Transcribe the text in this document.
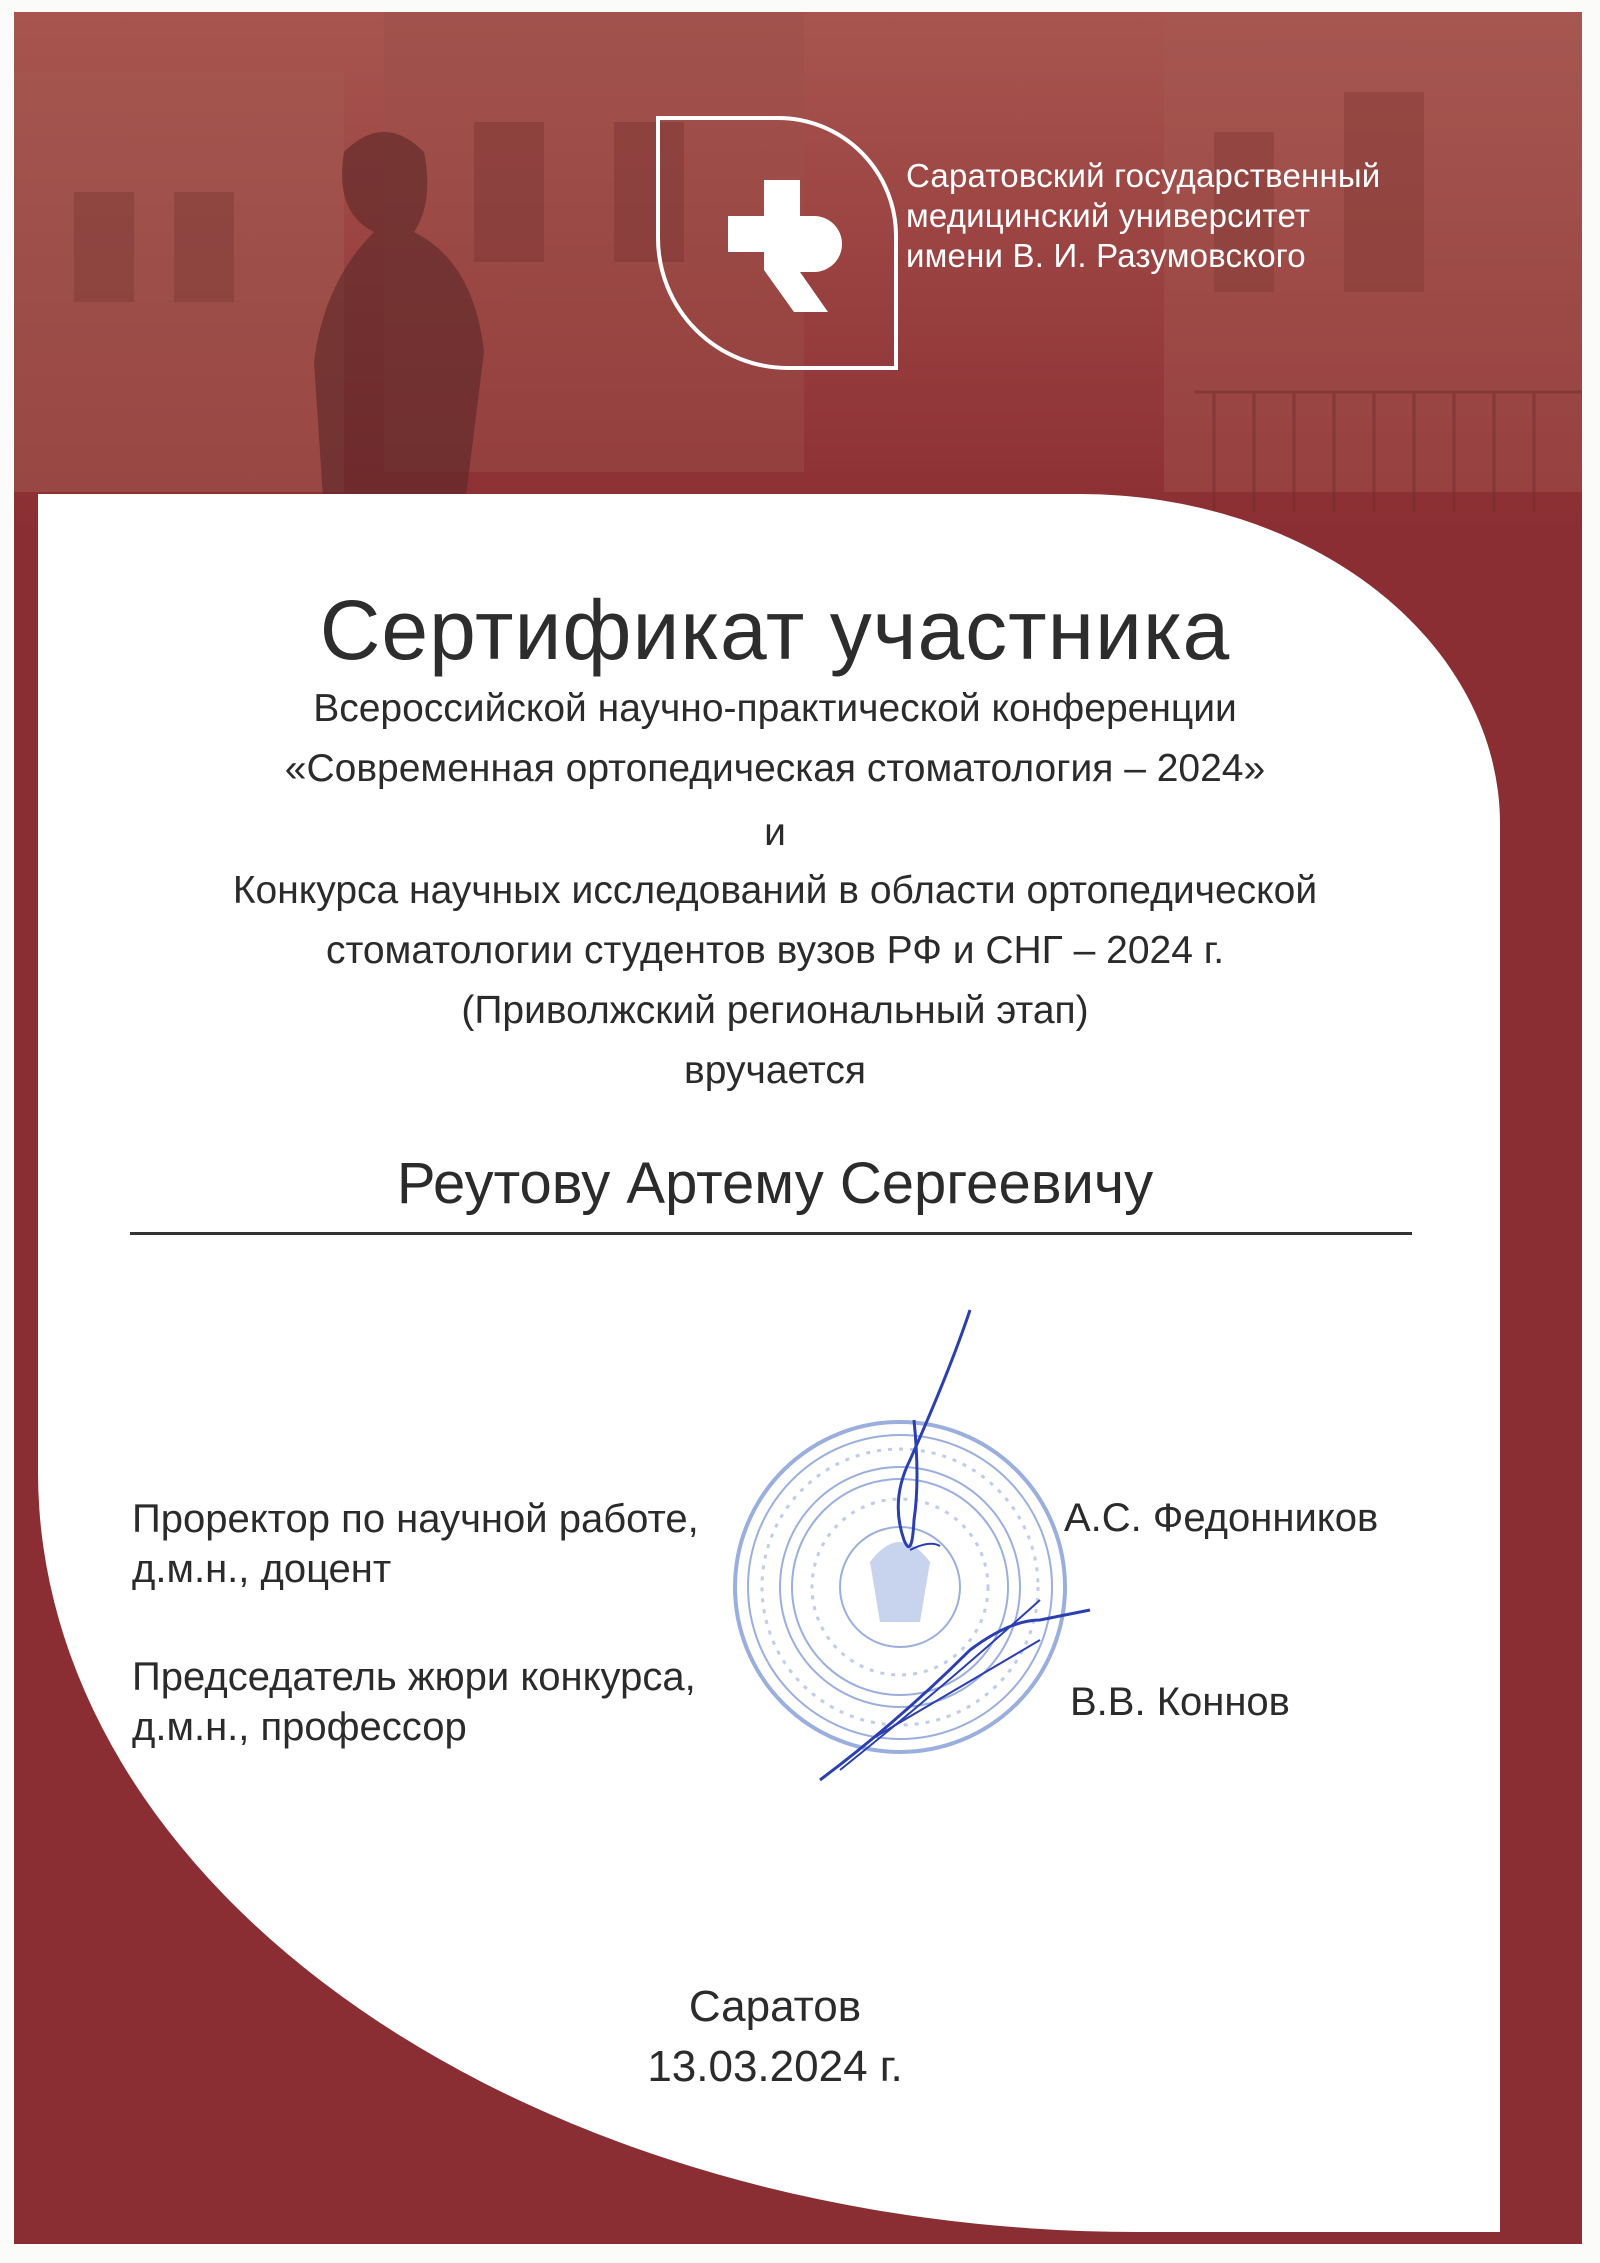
Саратовский государственный
медицинский университет
имени В. И. Разумовского
Сертификат участника
Всероссийской научно-практической конференции
«Современная ортопедическая стоматология – 2024»
и
Конкурса научных исследований в области ортопедической
стоматологии студентов вузов РФ и СНГ – 2024 г.
(Приволжский региональный этап)
вручается
Реутову Артему Сергеевичу
Проректор по научной работе,
д.м.н., доцент
А.С. Федонников
Председатель жюри конкурса,
д.м.н., профессор
В.В. Коннов
Саратов
13.03.2024 г.
